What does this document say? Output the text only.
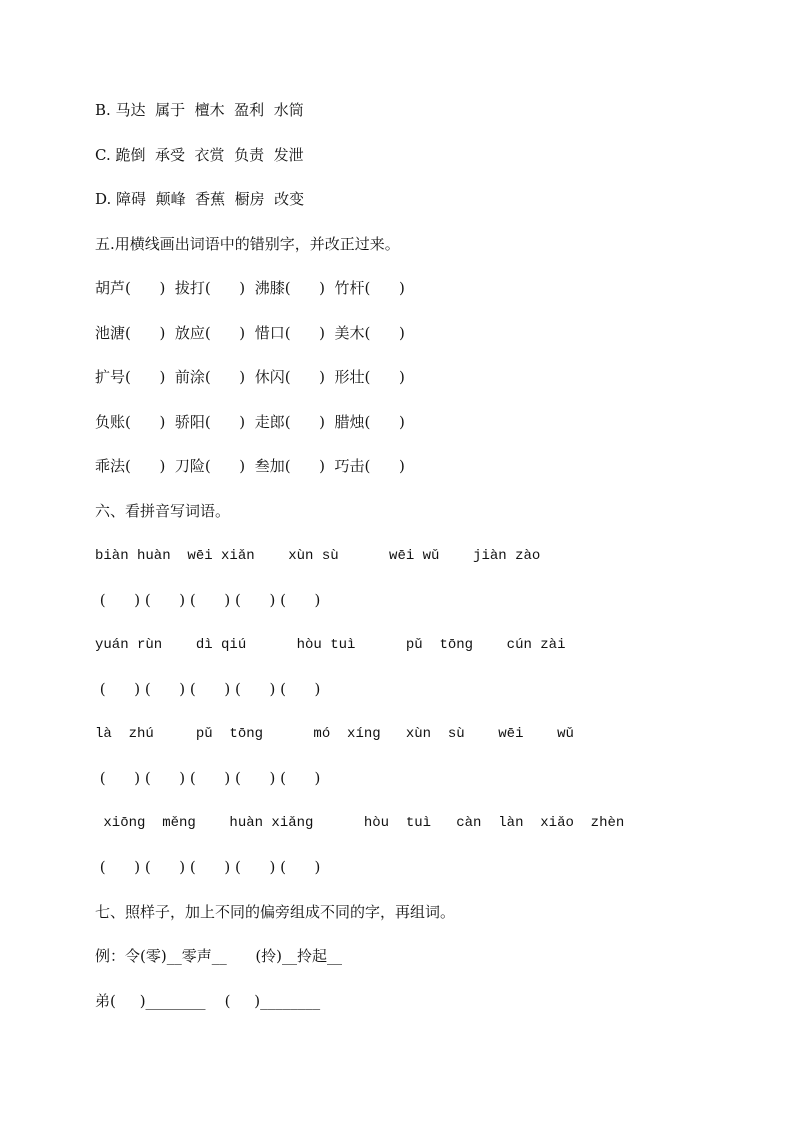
B. 马达  属于  檀木  盈利  水筒
C. 跪倒  承受  衣赏  负责  发泄
D. 障碍  颠峰  香蕉  橱房  改变
五.用横线画出词语中的错别字，并改正过来。
胡芦(      )  拔打(      )  沸膝(      )  竹杆(      )
池溏(      )  放应(      )  惜口(      )  美木(      )
扩号(      )  前涂(      )  休闪(      )  形壮(      )
负账(      )  骄阳(      )  走郎(      )  腊烛(      )
乖法(      )  刀险(      )  叁加(      )  巧击(      )
六、看拼音写词语。
biàn huàn  wēi xiǎn    xùn sù      wēi wǔ    jiàn zào
(      ) (      ) (      ) (      ) (      )
yuán rùn    dì qiú      hòu tuì      pǔ  tōng    cún zài
(      ) (      ) (      ) (      ) (      )
là  zhú     pǔ  tōng      mó  xíng   xùn  sù    wēi    wǔ
(      ) (      ) (      ) (      ) (      )
xiōng  měng    huàn xiǎng      hòu  tuì   càn  làn  xiǎo  zhèn
(      ) (      ) (      ) (      ) (      )
七、照样子，加上不同的偏旁组成不同的字，再组词。
例：令(零)__零声__      (拎)__拎起__
弟(     )________    (     )________
